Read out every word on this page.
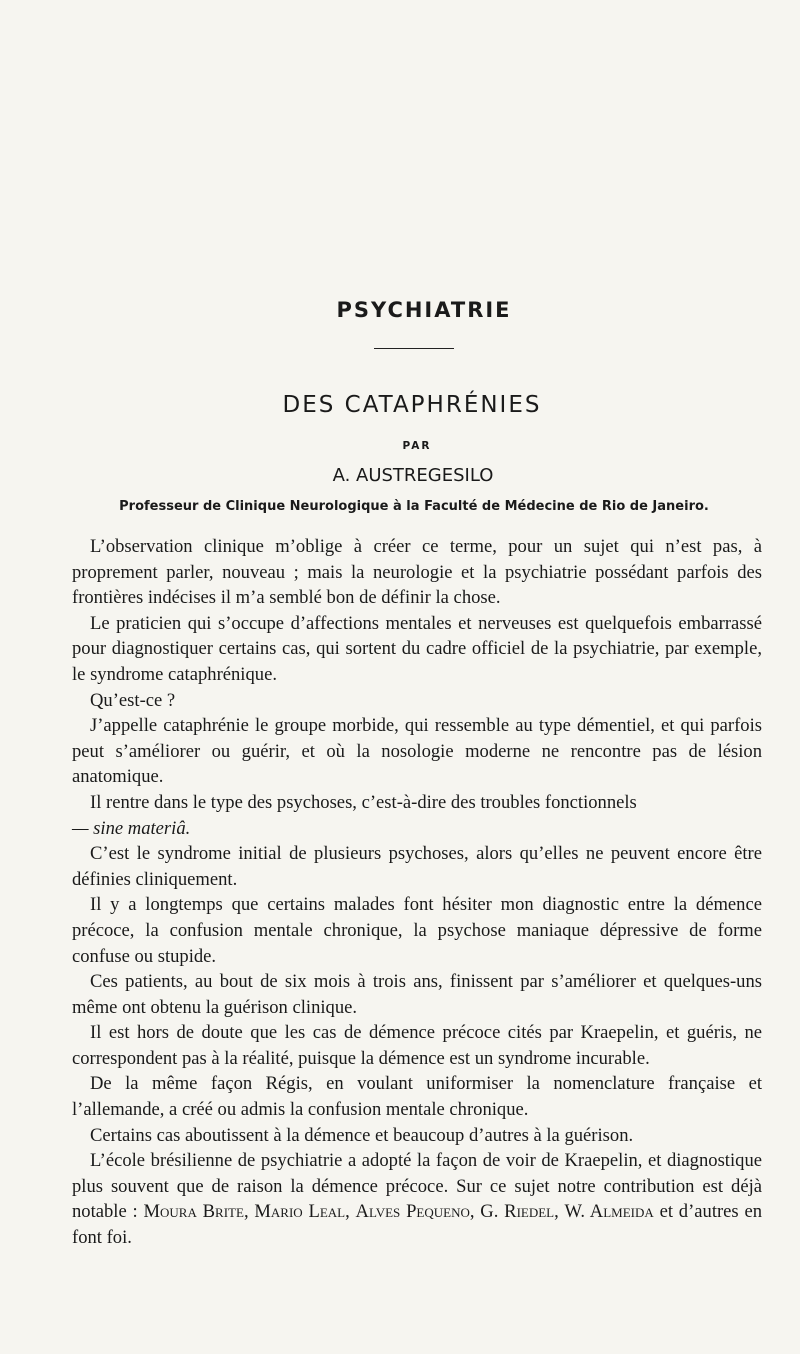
PSYCHIATRIE
DES CATAPHRÉNIES
PAR
A. AUSTREGESILO
Professeur de Clinique Neurologique à la Faculté de Médecine de Rio de Janeiro.

L’observation clinique m’oblige à créer ce terme, pour un sujet qui n’est pas, à proprement parler, nouveau ; mais la neurologie et la psychiatrie possédant parfois des frontières indécises il m’a semblé bon de définir la chose.

Le praticien qui s’occupe d’affections mentales et nerveuses est quelquefois embarrassé pour diagnostiquer certains cas, qui sortent du cadre officiel de la psychiatrie, par exemple, le syndrome cataphrénique.

Qu’est-ce ?

J’appelle cataphrénie le groupe morbide, qui ressemble au type démentiel, et qui parfois peut s’améliorer ou guérir, et où la nosologie moderne ne rencontre pas de lésion anatomique.

Il rentre dans le type des psychoses, c’est-à-dire des troubles fonctionnels

— sine materiâ.

C’est le syndrome initial de plusieurs psychoses, alors qu’elles ne peuvent encore être définies cliniquement.

Il y a longtemps que certains malades font hésiter mon diagnostic entre la démence précoce, la confusion mentale chronique, la psychose maniaque dépressive de forme confuse ou stupide.

Ces patients, au bout de six mois à trois ans, finissent par s’améliorer et quelques-uns même ont obtenu la guérison clinique.

Il est hors de doute que les cas de démence précoce cités par Kraepelin, et guéris, ne correspondent pas à la réalité, puisque la démence est un syndrome incurable.

De la même façon Régis, en voulant uniformiser la nomenclature française et l’allemande, a créé ou admis la confusion mentale chronique.

Certains cas aboutissent à la démence et beaucoup d’autres à la guérison.

L’école brésilienne de psychiatrie a adopté la façon de voir de Kraepelin, et diagnostique plus souvent que de raison la démence précoce. Sur ce sujet notre contribution est déjà notable : Moura Brite, Mario Leal, Alves Pequeno, G. Riedel, W. Almeida et d’autres en font foi.
